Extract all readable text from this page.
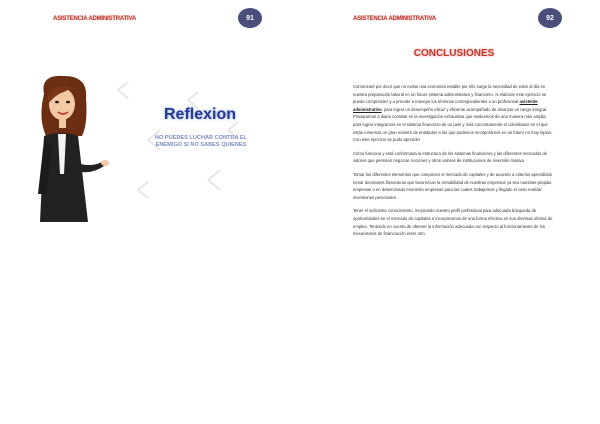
ASISTENCIA ADMINISTRATIVA	91
Reflexion
NO PUEDES LUCHAR CONTRA EL ENEMIGO SI NO SABES QUIENES
ASISTENCIA ADMINISTRATIVA	92
CONCLUSIONES

Comenzaré por decir que no existe una economía estable por ello surge la necesidad de estar al día en nuestra preparación laboral en un futuro sistema administrativo y financiero. Al elaborar este ejercicio se puede comprender y a prender a manejar los términos correspondientes a un profesional asistente administrativo, para lograr un desempeño eficaz y eficiente acompañado de alcanzar un rango integral. Prepararnos a diario consiste en la investigación exhaustiva que realicemos de una manera más amplia para lograr integrarnos en el sistema financiero de un país y más concretamente el colombiano en el que están inmersos un gran número de entidades a las que podemos incorporarnos en un futuro no muy lejano. Con este ejercicio se pudo aprender

Cómo funciona y está conformada la estructura de los sistemas financieros y las diferentes mercados de valores que permiten negociar Acciones y otros valores de instituciones de inversión masiva.

Tomar los diferentes elementos que componen el mercado de capitales y de acuerdo a criterios aprendidos tomar decisiones financieras que favorezcan la rentabilidad de nuestras empresas ya sea nuestras propias empresas o en determinado momento empresas para las cuales trabajemos y llegado el caso realizar inversiones personales.

Tener el suficiente conocimiento, mejorando nuestro perfil profesional para adecuada búsqueda de oportunidades en el mercado de capitales e incorporarnos de una forma efectiva en sus diversas ofertas de empleo. Teniendo en cuenta de obtener la información adecuada con respecto al funcionamiento de los mecanismos de financiación entre otro.
